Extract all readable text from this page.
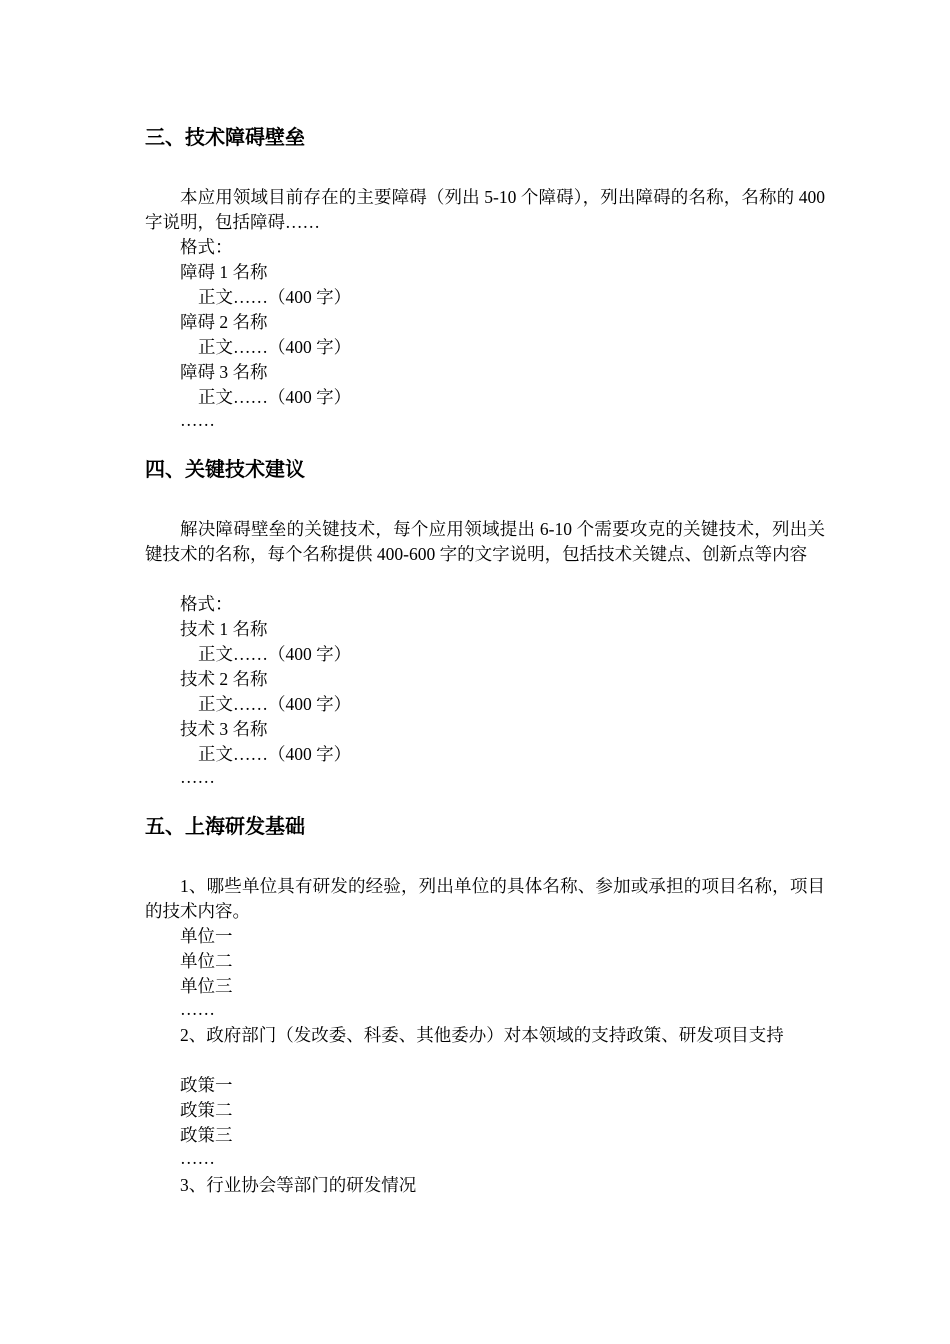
三、技术障碍壁垒

本应用领域目前存在的主要障碍（列出 5-10 个障碍），列出障碍的名称，名称的 400 字说明，包括障碍……

格式：

障碍 1 名称

正文……（400 字）

障碍 2 名称

正文……（400 字）

障碍 3 名称

正文……（400 字）

……

四、关键技术建议

解决障碍壁垒的关键技术，每个应用领域提出 6-10 个需要攻克的关键技术，列出关键技术的名称，每个名称提供 400-600 字的文字说明，包括技术关键点、创新点等内容

格式：

技术 1 名称

正文……（400 字）

技术 2 名称

正文……（400 字）

技术 3 名称

正文……（400 字）

……

五、上海研发基础

1、哪些单位具有研发的经验，列出单位的具体名称、参加或承担的项目名称，项目的技术内容。

单位一

单位二

单位三

……

2、政府部门（发改委、科委、其他委办）对本领域的支持政策、研发项目支持

政策一

政策二

政策三

……

3、行业协会等部门的研发情况
